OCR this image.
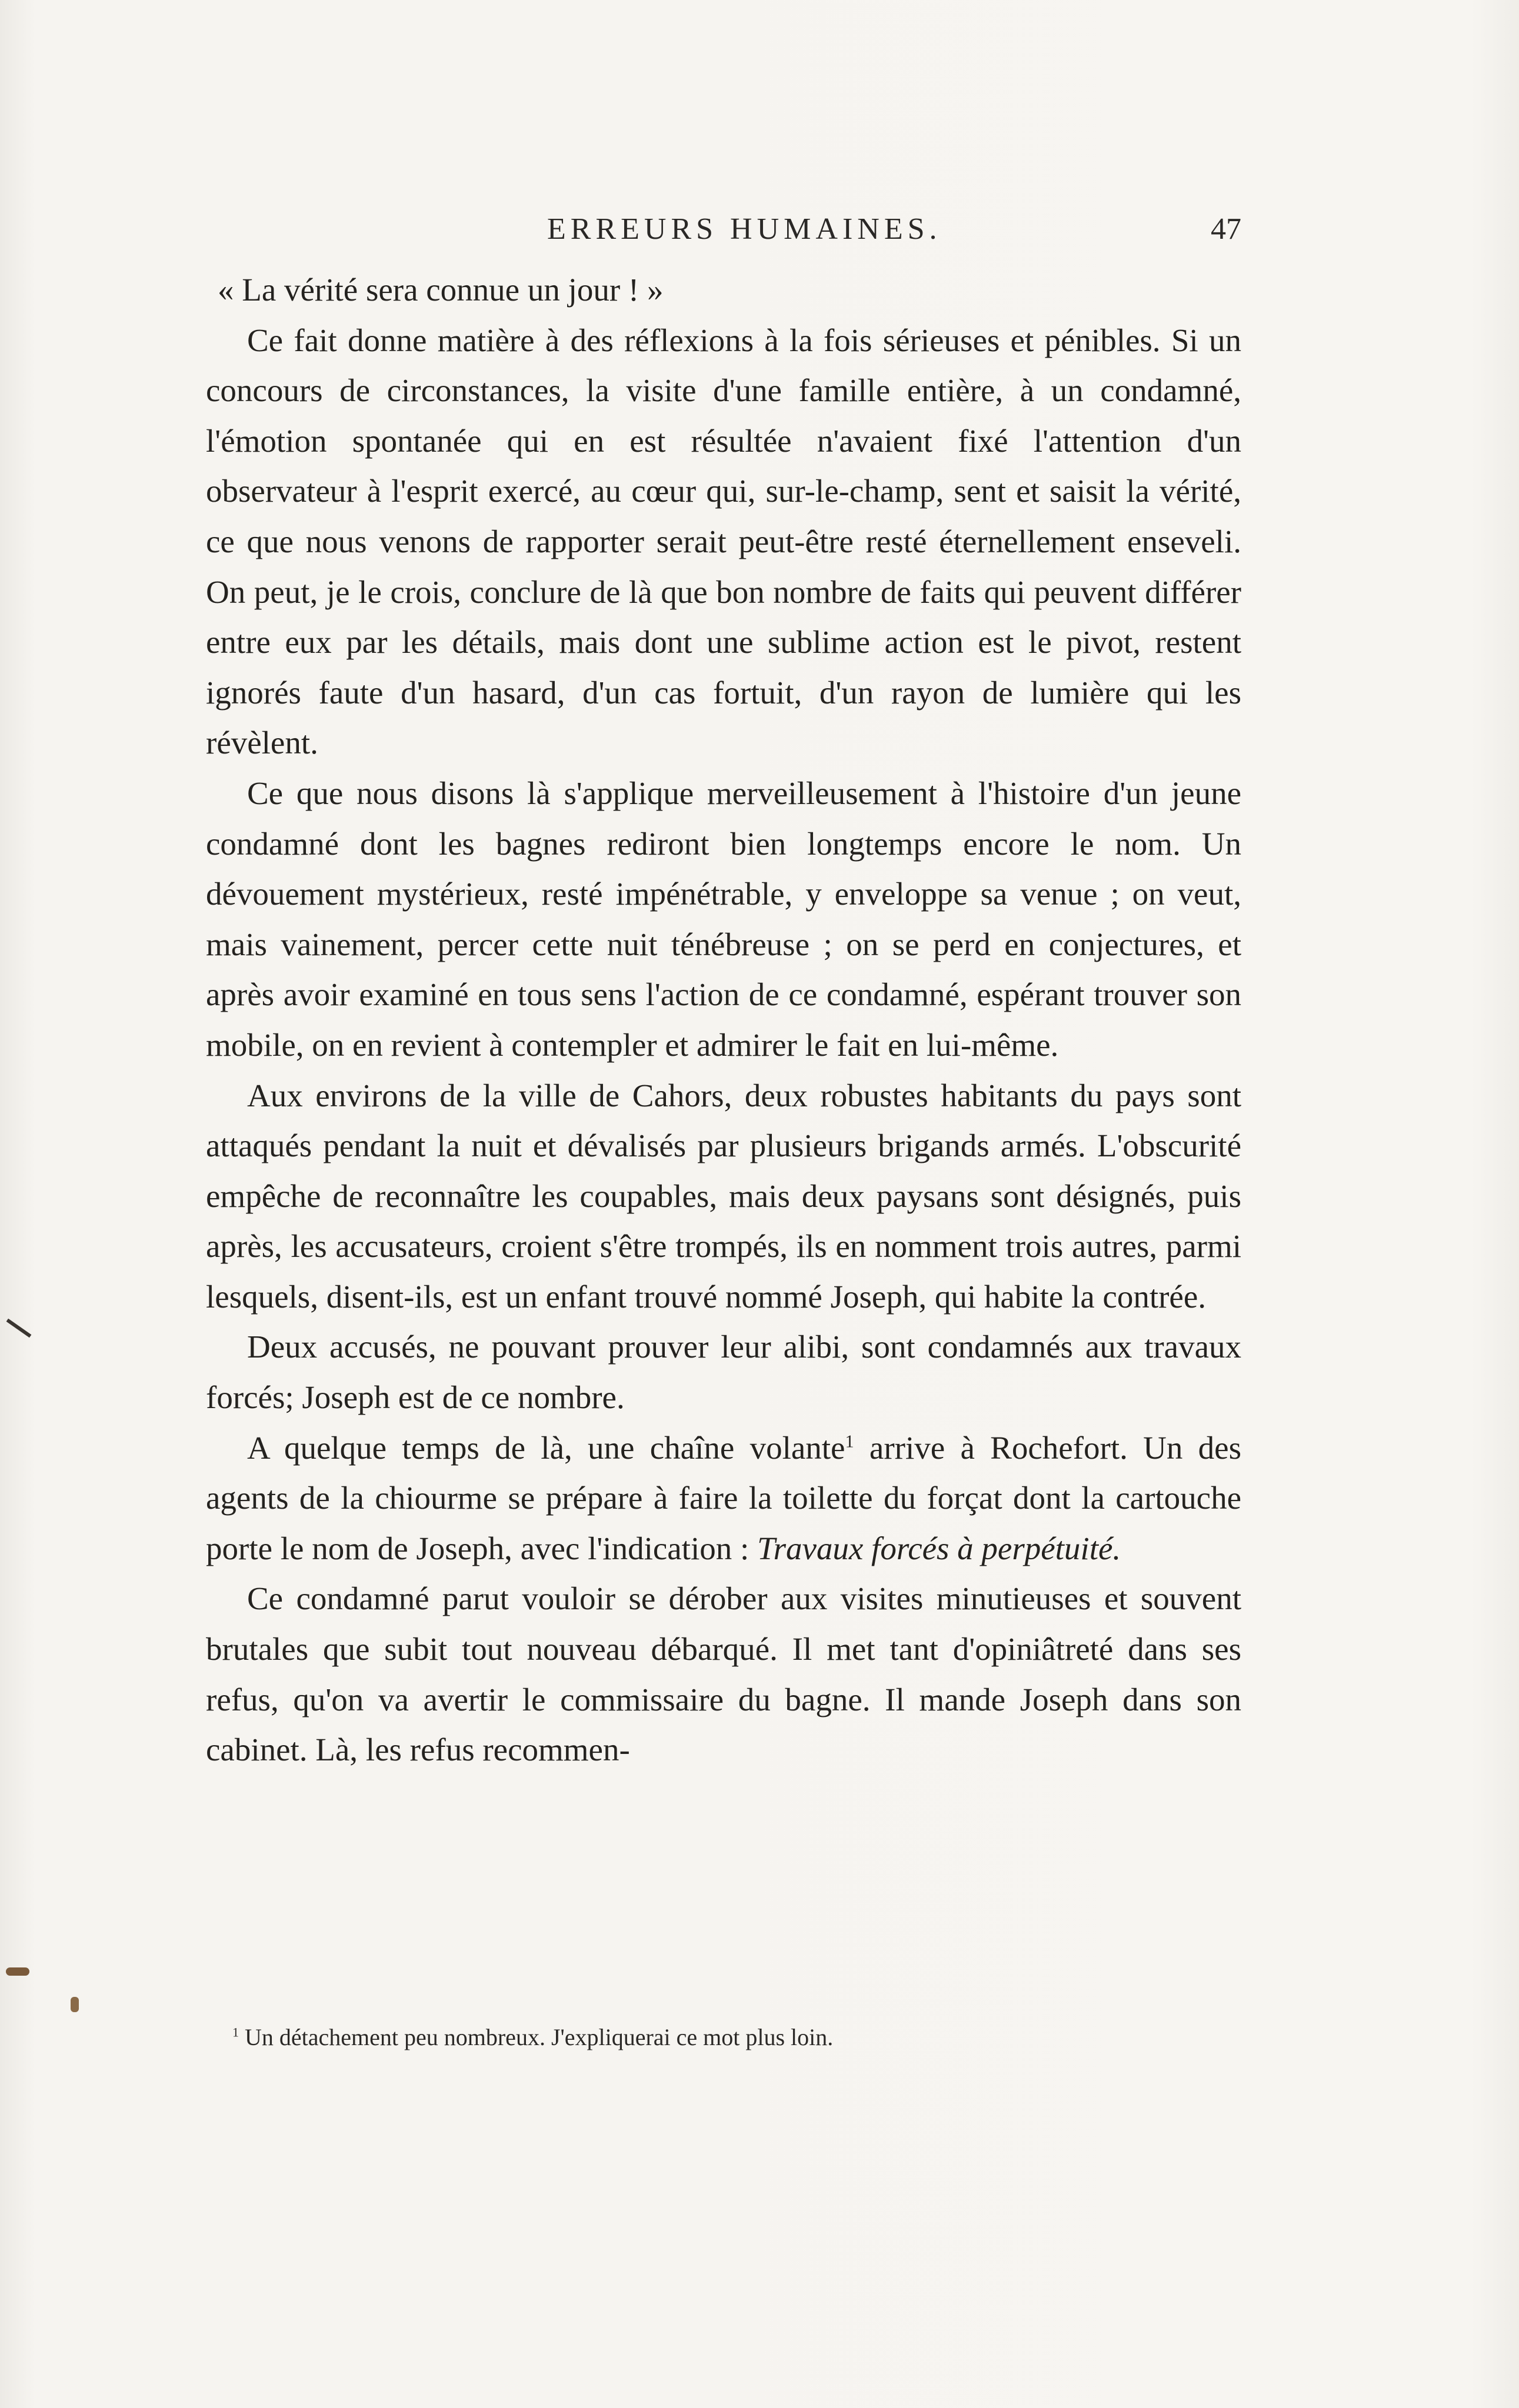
ERREURS HUMAINES.	47

« La vérité sera connue un jour ! »

Ce fait donne matière à des réflexions à la fois sérieuses et pénibles. Si un concours de circonstances, la visite d'une famille entière, à un condamné, l'émotion spontanée qui en est résultée n'avaient fixé l'attention d'un observateur à l'esprit exercé, au cœur qui, sur-le-champ, sent et saisit la vérité, ce que nous venons de rapporter serait peut-être resté éternellement enseveli. On peut, je le crois, conclure de là que bon nombre de faits qui peuvent différer entre eux par les détails, mais dont une sublime action est le pivot, restent ignorés faute d'un hasard, d'un cas fortuit, d'un rayon de lumière qui les révèlent.

Ce que nous disons là s'applique merveilleusement à l'histoire d'un jeune condamné dont les bagnes rediront bien longtemps encore le nom. Un dévouement mystérieux, resté impénétrable, y enveloppe sa venue ; on veut, mais vainement, percer cette nuit ténébreuse ; on se perd en conjectures, et après avoir examiné en tous sens l'action de ce condamné, espérant trouver son mobile, on en revient à contempler et admirer le fait en lui-même.

Aux environs de la ville de Cahors, deux robustes habitants du pays sont attaqués pendant la nuit et dévalisés par plusieurs brigands armés. L'obscurité empêche de reconnaître les coupables, mais deux paysans sont désignés, puis après, les accusateurs, croient s'être trompés, ils en nomment trois autres, parmi lesquels, disent-ils, est un enfant trouvé nommé Joseph, qui habite la contrée.

Deux accusés, ne pouvant prouver leur alibi, sont condamnés aux travaux forcés; Joseph est de ce nombre.

A quelque temps de là, une chaîne volante$^1$ arrive à Rochefort. Un des agents de la chiourme se prépare à faire la toilette du forçat dont la cartouche porte le nom de Joseph, avec l'indication : Travaux forcés à perpétuité.

Ce condamné parut vouloir se dérober aux visites minutieuses et souvent brutales que subit tout nouveau débarqué. Il met tant d'opiniâtreté dans ses refus, qu'on va avertir le commissaire du bagne. Il mande Joseph dans son cabinet. Là, les refus recommen-

$^1$ Un détachement peu nombreux. J'expliquerai ce mot plus loin.
